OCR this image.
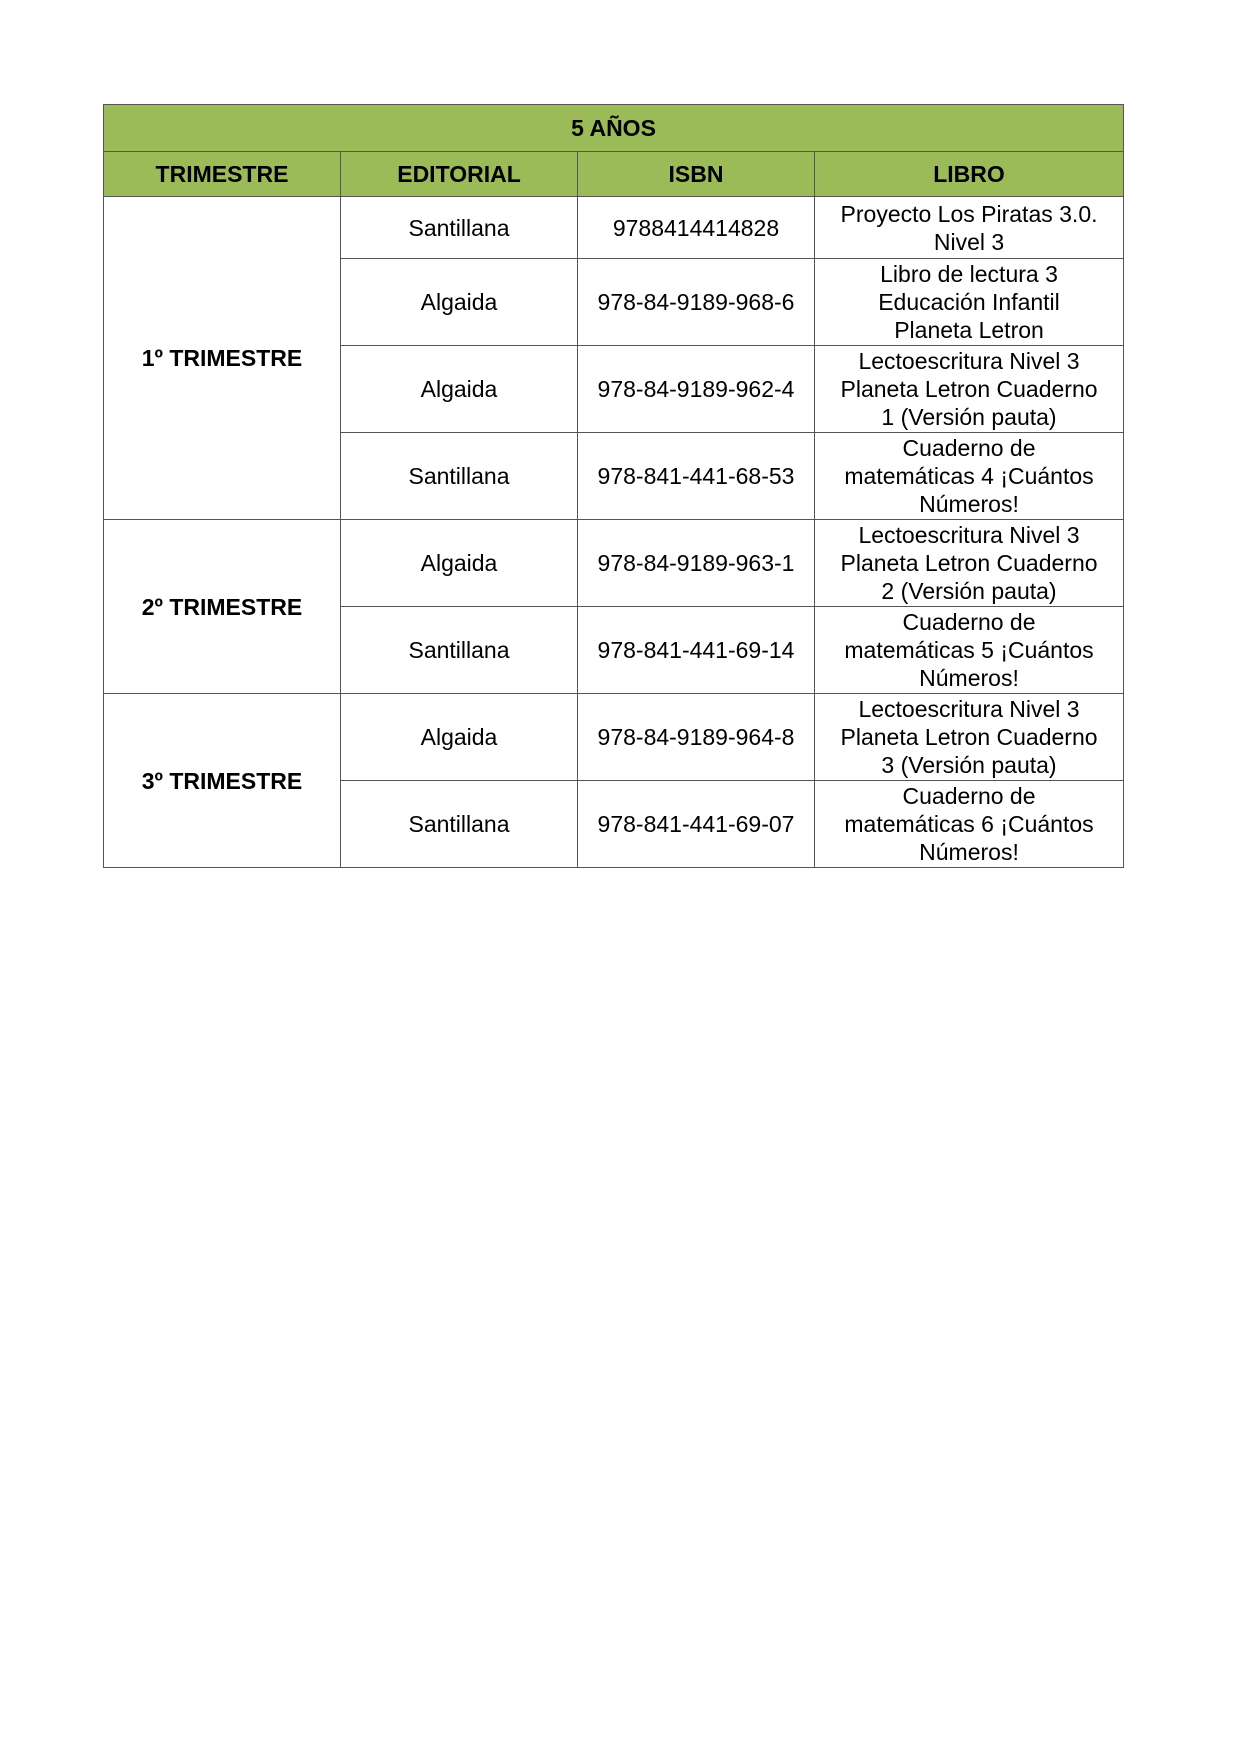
5 AÑOS			
TRIMESTRE	EDITORIAL	ISBN	LIBRO
1º TRIMESTRE	Santillana	9788414414828	Proyecto Los Piratas 3.0.
Nivel 3
	Algaida	978-84-9189-968-6	Libro de lectura 3
Educación Infantil
Planeta Letron
	Algaida	978-84-9189-962-4	Lectoescritura Nivel 3
Planeta Letron Cuaderno
1 (Versión pauta)
	Santillana	978-841-441-68-53	Cuaderno de
matemáticas 4 ¡Cuántos
Números!
2º TRIMESTRE	Algaida	978-84-9189-963-1	Lectoescritura Nivel 3
Planeta Letron Cuaderno
2 (Versión pauta)
	Santillana	978-841-441-69-14	Cuaderno de
matemáticas 5 ¡Cuántos
Números!
3º TRIMESTRE	Algaida	978-84-9189-964-8	Lectoescritura Nivel 3
Planeta Letron Cuaderno
3 (Versión pauta)
	Santillana	978-841-441-69-07	Cuaderno de
matemáticas 6 ¡Cuántos
Números!
